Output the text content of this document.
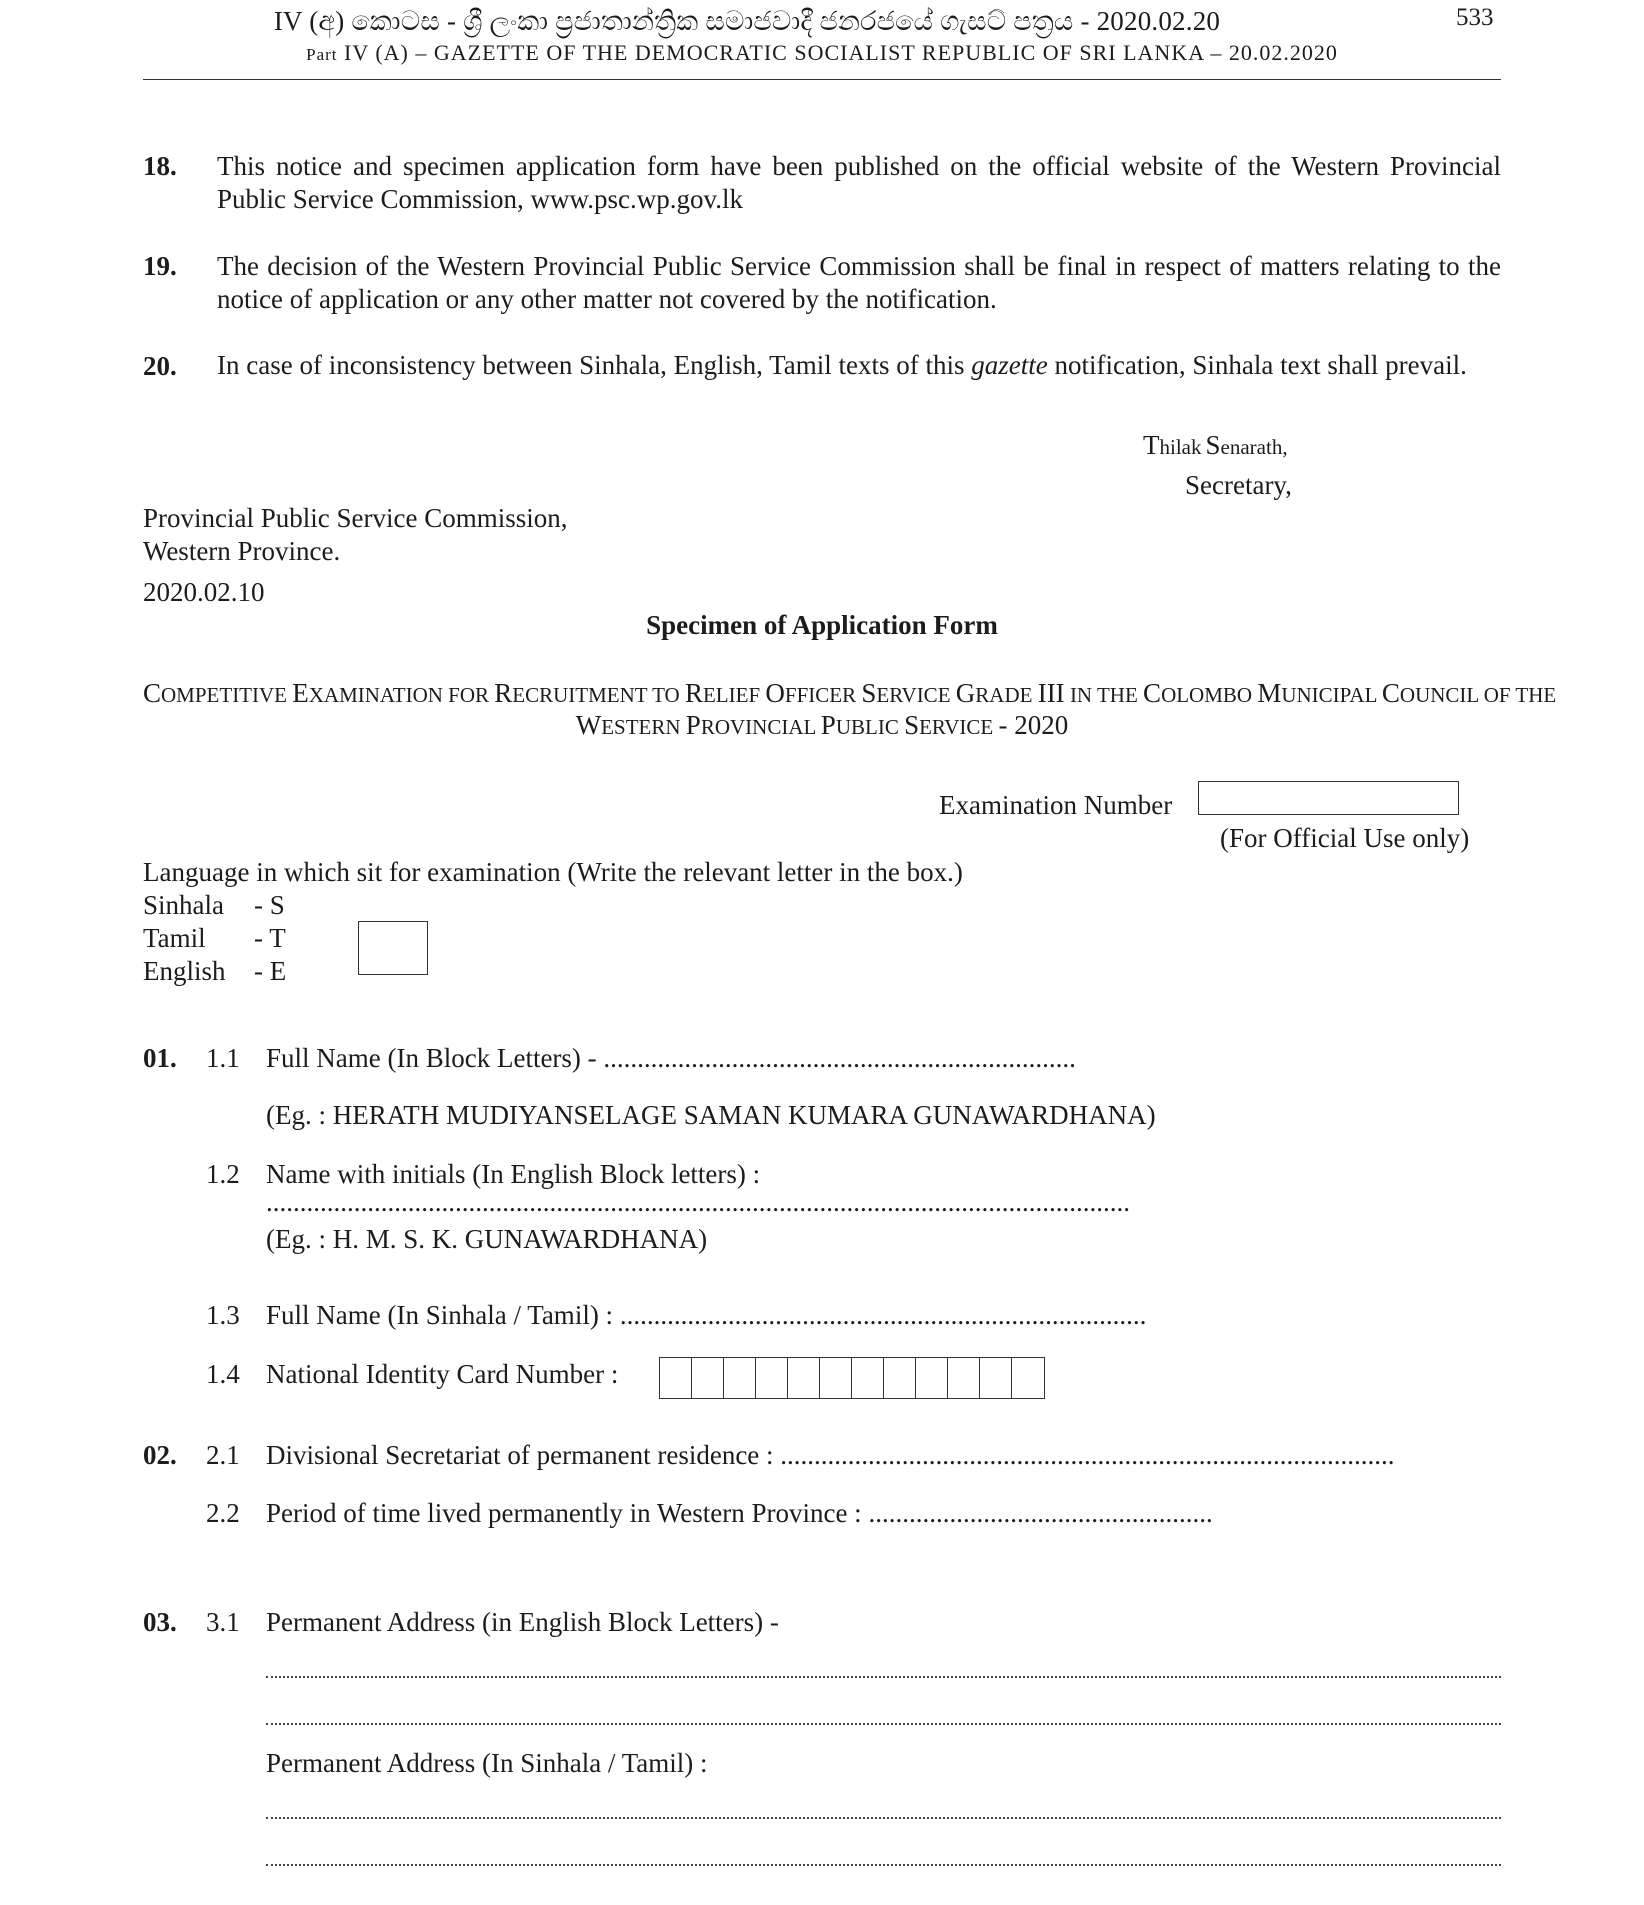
IV (අ) කොටස - ශ්‍රී ලංකා ප්‍රජාතාන්ත්‍රික සමාජවාදී ජනරජයේ ගැසට් පත්‍රය - 2020.02.20	533
Part IV (A) – GAZETTE OF THE DEMOCRATIC SOCIALIST REPUBLIC OF SRI LANKA – 20.02.2020
18. This notice and specimen application form have been published on the official website of the Western Provincial Public Service Commission, www.psc.wp.gov.lk
19. The decision of the Western Provincial Public Service Commission shall be final in respect of matters relating to the notice of application or any other matter not covered by the notification.
20. In case of inconsistency between Sinhala, English, Tamil texts of this gazette notification, Sinhala text shall prevail.
Thilak Senarath,
Secretary,
Provincial Public Service Commission,
Western Province.
2020.02.10
Specimen of Application Form
COMPETITIVE EXAMINATION FOR RECRUITMENT TO RELIEF OFFICER SERVICE GRADE III IN THE COLOMBO MUNICIPAL COUNCIL OF THE
WESTERN PROVINCIAL PUBLIC SERVICE - 2020
Examination Number
(For Official Use only)
Language in which sit for examination (Write the relevant letter in the box.)
Sinhala - S
Tamil - T
English - E
01. 1.1 Full Name (In Block Letters) - ......................................................................
(Eg. : HERATH MUDIYANSELAGE SAMAN KUMARA GUNAWARDHANA)
1.2 Name with initials (In English Block letters) :
................................................................................................................................
(Eg. : H. M. S. K. GUNAWARDHANA)
1.3 Full Name (In Sinhala / Tamil) : ..............................................................................
1.4 National Identity Card Number :
02. 2.1 Divisional Secretariat of permanent residence : ...........................................................................................
2.2 Period of time lived permanently in Western Province : ...................................................
03. 3.1 Permanent Address (in English Block Letters) -
Permanent Address (In Sinhala / Tamil) :
